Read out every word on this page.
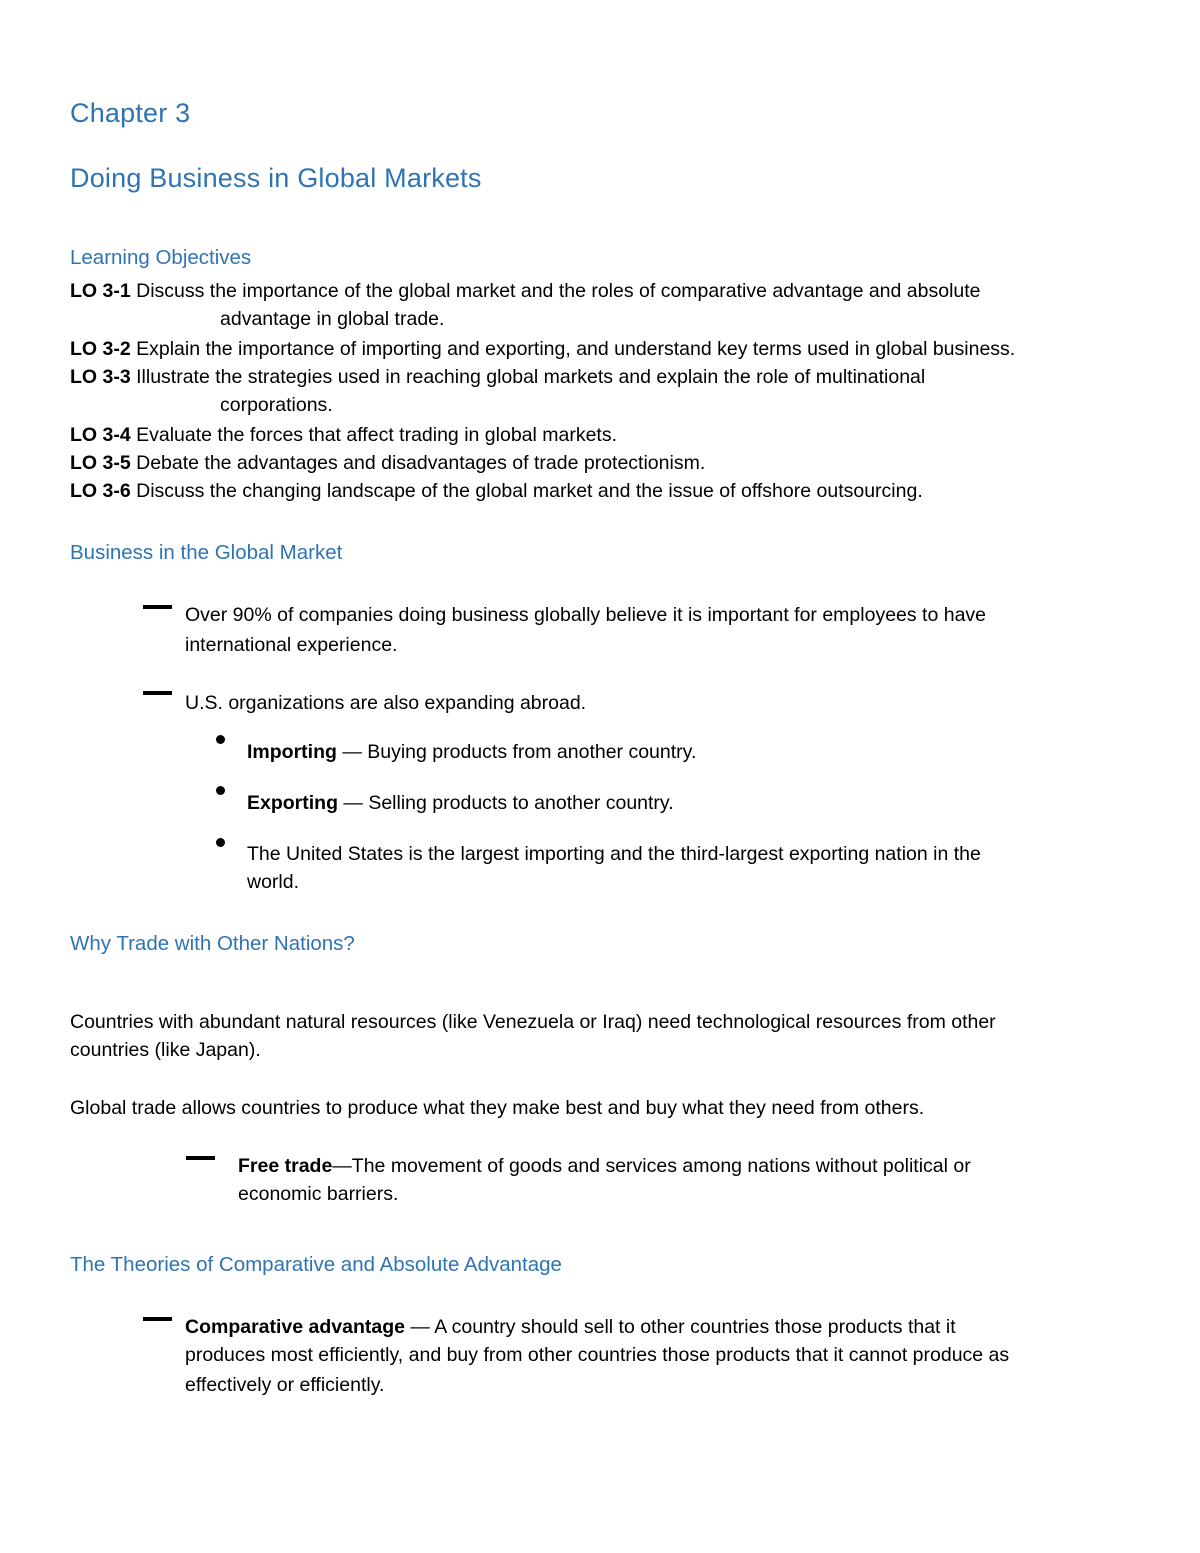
Chapter 3
Doing Business in Global Markets
Learning Objectives
LO 3-1 Discuss the importance of the global market and the roles of comparative advantage and absolute
advantage in global trade.
LO 3-2 Explain the importance of importing and exporting, and understand key terms used in global business.
LO 3-3 Illustrate the strategies used in reaching global markets and explain the role of multinational
corporations.
LO 3-4 Evaluate the forces that affect trading in global markets.
LO 3-5 Debate the advantages and disadvantages of trade protectionism.
LO 3-6 Discuss the changing landscape of the global market and the issue of offshore outsourcing.
Business in the Global Market
Over 90% of companies doing business globally believe it is important for employees to have
international experience.
U.S. organizations are also expanding abroad.
Importing — Buying products from another country.
Exporting — Selling products to another country.
The United States is the largest importing and the third-largest exporting nation in the
world.
Why Trade with Other Nations?
Countries with abundant natural resources (like Venezuela or Iraq) need technological resources from other
countries (like Japan).
Global trade allows countries to produce what they make best and buy what they need from others.
Free trade—The movement of goods and services among nations without political or
economic barriers.
The Theories of Comparative and Absolute Advantage
Comparative advantage — A country should sell to other countries those products that it
produces most efficiently, and buy from other countries those products that it cannot produce as
effectively or efficiently.
